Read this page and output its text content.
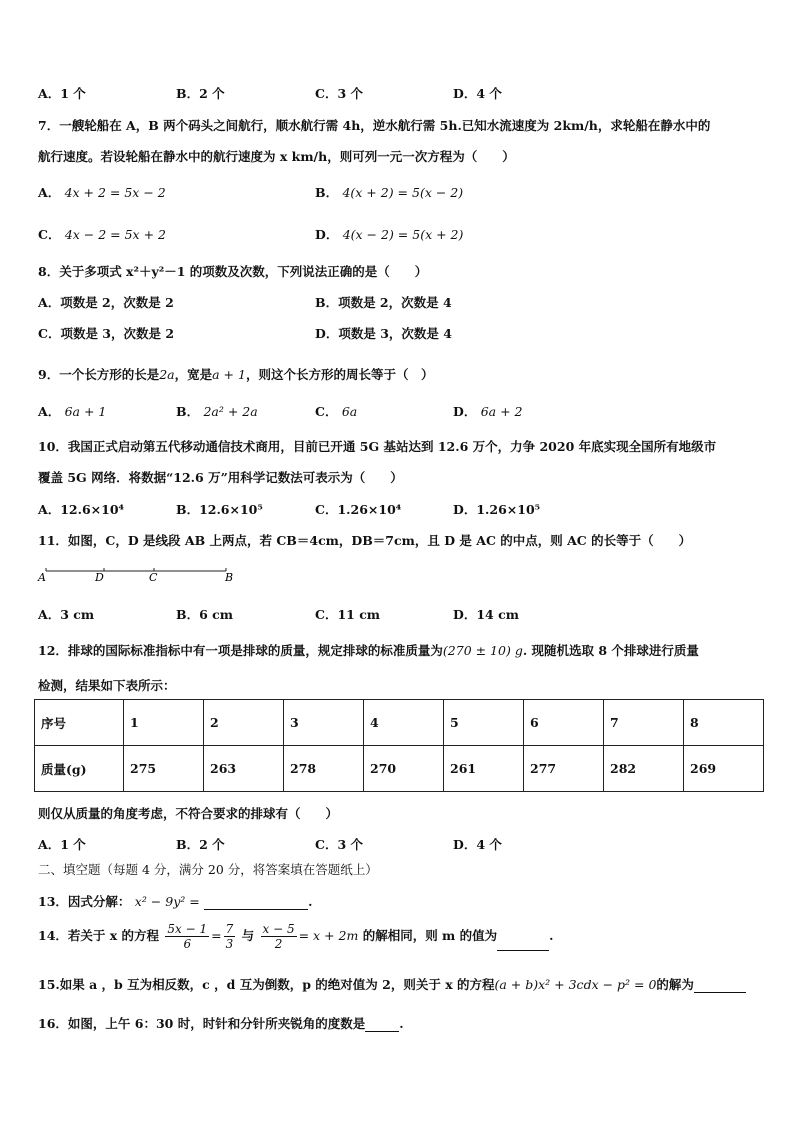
A．1 个	B．2 个	C．3 个	D．4 个
7．一艘轮船在 A，B 两个码头之间航行，顺水航行需 4h，逆水航行需 5h.已知水流速度为 2km/h，求轮船在静水中的
航行速度。若设轮船在静水中的航行速度为 x km/h，则可列一元一次方程为（　　）
A． 4x + 2 = 5x − 2	B． 4(x + 2) = 5(x − 2)
C． 4x − 2 = 5x + 2	D． 4(x − 2) = 5(x + 2)
8．关于多项式 x²＋y²－1 的项数及次数，下列说法正确的是（　　）
A．项数是 2，次数是 2	B．项数是 2，次数是 4
C．项数是 3，次数是 2	D．项数是 3，次数是 4
9．一个长方形的长是2a，宽是a + 1，则这个长方形的周长等于（　）
A． 6a + 1	B． 2a² + 2a	C． 6a	D． 6a + 2
10．我国正式启动第五代移动通信技术商用，目前已开通 5G 基站达到 12.6 万个，力争 2020 年底实现全国所有地级市
覆盖 5G 网络．将数据“12.6 万”用科学记数法可表示为（　　）
A．12.6×10⁴	B．12.6×10⁵	C．1.26×10⁴	D．1.26×10⁵
11．如图，C，D 是线段 AB 上两点，若 CB＝4cm，DB＝7cm，且 D 是 AC 的中点，则 AC 的长等于（　　）
A	D	C	B
A．3 cm	B．6 cm	C．11 cm	D．14 cm
12．排球的国际标准指标中有一项是排球的质量，规定排球的标准质量为(270 ± 10) g. 现随机选取 8 个排球进行质量
检测，结果如下表所示：
序号	1	2	3	4	5	6	7	8
质量(g)	275	263	278	270	261	277	282	269
则仅从质量的角度考虑，不符合要求的排球有（　　）
A．1 个	B．2 个	C．3 个	D．4 个
二、填空题（每题 4 分，满分 20 分，将答案填在答题纸上）
13．因式分解： x² − 9y² =	.
14．若关于 x 的方程 $\frac{5x - 1}{6} = \frac{7}{3}$ 与 $\frac{x - 5}{2} = x + 2m$ 的解相同，则 m 的值为	.
15.如果 a ，b 互为相反数，c ，d 互为倒数，p 的绝对值为 2，则关于 x 的方程(a + b)x² + 3cdx − p² = 0的解为
16．如图，上午 6：30 时，时针和分针所夹锐角的度数是	.
